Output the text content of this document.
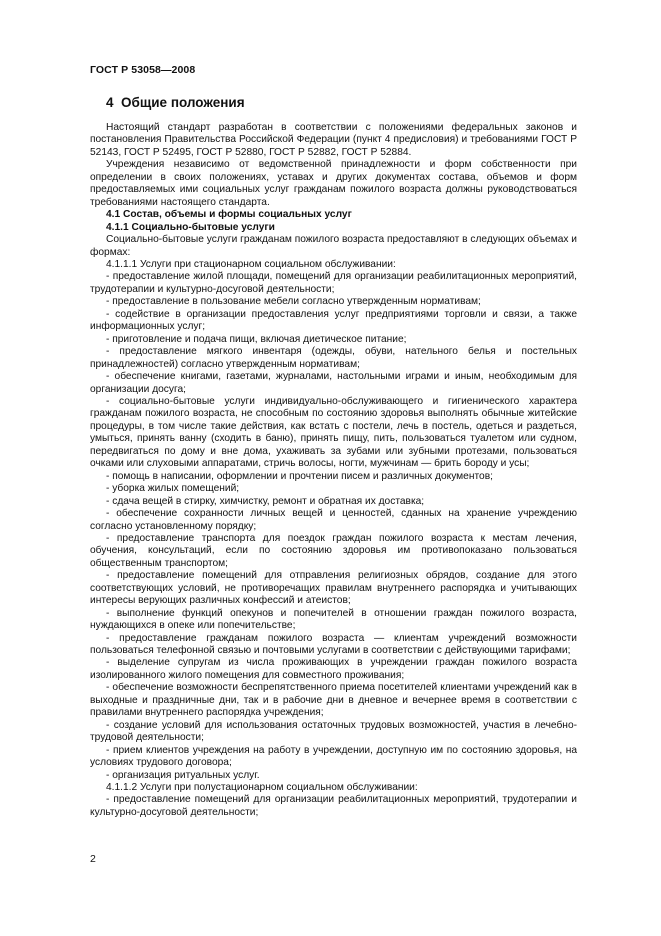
ГОСТ Р 53058—2008
4 Общие положения

Настоящий стандарт разработан в соответствии с положениями федеральных законов и постановления Правительства Российской Федерации (пункт 4 предисловия) и требованиями ГОСТ Р 52143, ГОСТ Р 52495, ГОСТ Р 52880, ГОСТ Р 52882, ГОСТ Р 52884.

Учреждения независимо от ведомственной принадлежности и форм собственности при определении в своих положениях, уставах и других документах состава, объемов и форм предоставляемых ими социальных услуг гражданам пожилого возраста должны руководствоваться требованиями настоящего стандарта.

4.1 Состав, объемы и формы социальных услуг

4.1.1 Социально-бытовые услуги

Социально-бытовые услуги гражданам пожилого возраста предоставляют в следующих объемах и формах:

4.1.1.1 Услуги при стационарном социальном обслуживании:

- предоставление жилой площади, помещений для организации реабилитационных мероприятий, трудотерапии и культурно-досуговой деятельности;

- предоставление в пользование мебели согласно утвержденным нормативам;

- содействие в организации предоставления услуг предприятиями торговли и связи, а также информационных услуг;

- приготовление и подача пищи, включая диетическое питание;

- предоставление мягкого инвентаря (одежды, обуви, нательного белья и постельных принадлежностей) согласно утвержденным нормативам;

- обеспечение книгами, газетами, журналами, настольными играми и иным, необходимым для организации досуга;

- социально-бытовые услуги индивидуально-обслуживающего и гигиенического характера гражданам пожилого возраста, не способным по состоянию здоровья выполнять обычные житейские процедуры, в том числе такие действия, как встать с постели, лечь в постель, одеться и раздеться, умыться, принять ванну (сходить в баню), принять пищу, пить, пользоваться туалетом или судном, передвигаться по дому и вне дома, ухаживать за зубами или зубными протезами, пользоваться очками или слуховыми аппаратами, стричь волосы, ногти, мужчинам — брить бороду и усы;

- помощь в написании, оформлении и прочтении писем и различных документов;

- уборка жилых помещений;

- сдача вещей в стирку, химчистку, ремонт и обратная их доставка;

- обеспечение сохранности личных вещей и ценностей, сданных на хранение учреждению согласно установленному порядку;

- предоставление транспорта для поездок граждан пожилого возраста к местам лечения, обучения, консультаций, если по состоянию здоровья им противопоказано пользоваться общественным транспортом;

- предоставление помещений для отправления религиозных обрядов, создание для этого соответствующих условий, не противоречащих правилам внутреннего распорядка и учитывающих интересы верующих различных конфессий и атеистов;

- выполнение функций опекунов и попечителей в отношении граждан пожилого возраста, нуждающихся в опеке или попечительстве;

- предоставление гражданам пожилого возраста — клиентам учреждений возможности пользоваться телефонной связью и почтовыми услугами в соответствии с действующими тарифами;

- выделение супругам из числа проживающих в учреждении граждан пожилого возраста изолированного жилого помещения для совместного проживания;

- обеспечение возможности беспрепятственного приема посетителей клиентами учреждений как в выходные и праздничные дни, так и в рабочие дни в дневное и вечернее время в соответствии с правилами внутреннего распорядка учреждения;

- создание условий для использования остаточных трудовых возможностей, участия в лечебно-трудовой деятельности;

- прием клиентов учреждения на работу в учреждении, доступную им по состоянию здоровья, на условиях трудового договора;

- организация ритуальных услуг.

4.1.1.2 Услуги при полустационарном социальном обслуживании:

- предоставление помещений для организации реабилитационных мероприятий, трудотерапии и культурно-досуговой деятельности;

2
